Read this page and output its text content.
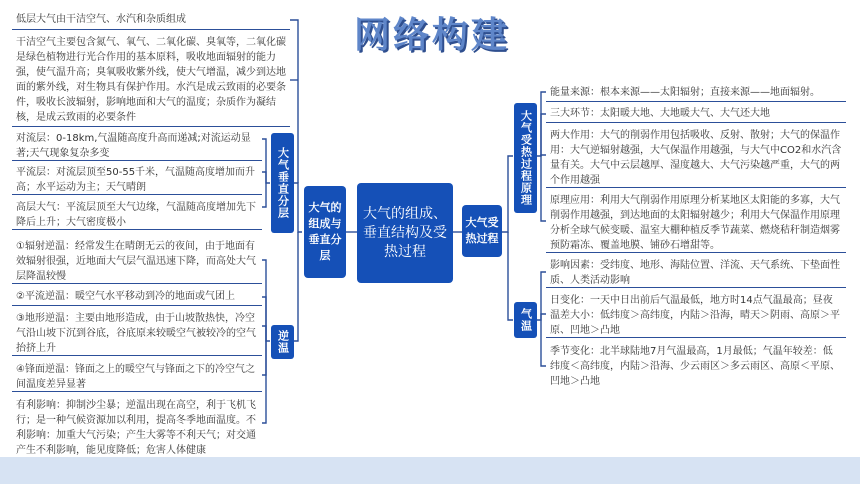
网络构建
大气的组成、垂直结构及受热过程
大气的组成与垂直分层
大气受热过程
大气垂直分层
逆温
大气受热过程原理
气温
低层大气由干洁空气、水汽和杂质组成
干洁空气主要包含氮气、氧气、二氧化碳、臭氧等，二氧化碳是绿色植物进行光合作用的基本原料，吸收地面辐射的能力强，使气温升高；臭氧吸收紫外线，使大气增温，减少到达地面的紫外线，对生物具有保护作用。水汽是成云致雨的必要条件，吸收长波辐射，影响地面和大气的温度；杂质作为凝结核，是成云致雨的必要条件
对流层：0-18km,气温随高度升高而递减;对流运动显著;天气现象复杂多变
平流层：对流层顶至50-55千米，气温随高度增加而升高；水平运动为主；天气晴朗
高层大气：平流层顶至大气边缘，气温随高度增加先下降后上升；大气密度极小
①辐射逆温：经常发生在晴朗无云的夜间，由于地面有效辐射很强，近地面大气层气温迅速下降，而高处大气层降温较慢
②平流逆温：暖空气水平移动到冷的地面或气团上
③地形逆温：主要由地形造成，由于山坡散热快，冷空气沿山坡下沉到谷底，谷底原来较暖空气被较冷的空气抬挤上升
④锋面逆温：锋面之上的暖空气与锋面之下的冷空气之间温度差异显著
有利影响：抑制沙尘暴；逆温出现在高空，利于飞机飞行；是一种气候资源加以利用，提高冬季地面温度。不利影响：加重大气污染；产生大雾等不利天气；对交通产生不利影响，能见度降低；危害人体健康
能量来源：根本来源——太阳辐射；直接来源——地面辐射。
三大环节：太阳暖大地、大地暖大气、大气还大地
两大作用：大气的削弱作用包括吸收、反射、散射；大气的保温作用：大气逆辐射越强，大气保温作用越强，与大气中CO2和水汽含量有关。大气中云层越厚、湿度越大、大气污染越严重，大气的两个作用越强
原理应用：利用大气削弱作用原理分析某地区太阳能的多寡，大气削弱作用越强，到达地面的太阳辐射越少；利用大气保温作用原理分析全球气候变暖、温室大棚种植反季节蔬菜、燃烧秸秆制造烟雾预防霜冻、覆盖地膜、铺砂石增甜等。
影响因素：受纬度、地形、海陆位置、洋流、天气系统、下垫面性质、人类活动影响
日变化：一天中日出前后气温最低，地方时14点气温最高；昼夜温差大小：低纬度＞高纬度，内陆＞沿海，晴天＞阴雨、高原＞平原、凹地＞凸地
季节变化：北半球陆地7月气温最高，1月最低；气温年较差：低纬度＜高纬度，内陆＞沿海、少云雨区＞多云雨区、高原＜平原、凹地＞凸地
